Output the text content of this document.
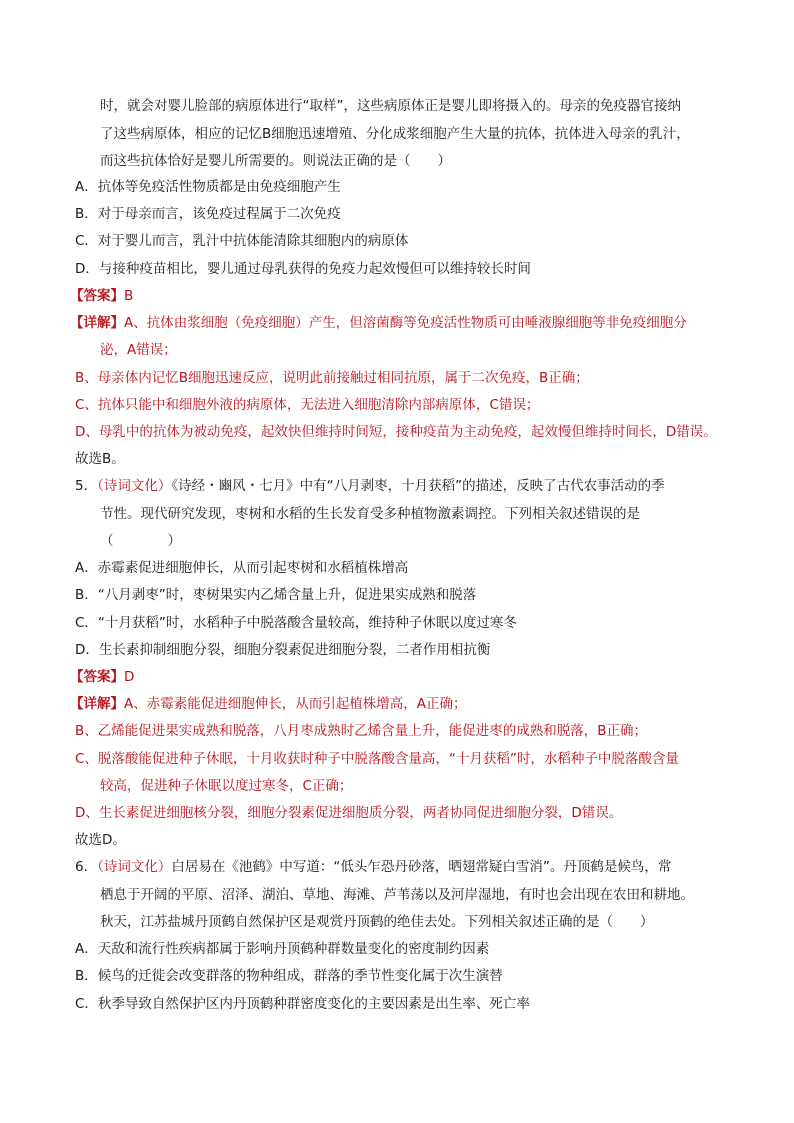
时，就会对婴儿脸部的病原体进行“取样”，这些病原体正是婴儿即将摄入的。母亲的免疫器官接纳
了这些病原体，相应的记忆B细胞迅速增殖、分化成浆细胞产生大量的抗体，抗体进入母亲的乳汁，
而这些抗体恰好是婴儿所需要的。则说法正确的是（　　）
A．抗体等免疫活性物质都是由免疫细胞产生
B．对于母亲而言，该免疫过程属于二次免疫
C．对于婴儿而言，乳汁中抗体能清除其细胞内的病原体
D．与接种疫苗相比，婴儿通过母乳获得的免疫力起效慢但可以维持较长时间
【答案】B
【详解】A、抗体由浆细胞（免疫细胞）产生，但溶菌酶等免疫活性物质可由唾液腺细胞等非免疫细胞分
泌，A错误；
B、母亲体内记忆B细胞迅速反应，说明此前接触过相同抗原，属于二次免疫，B正确；
C、抗体只能中和细胞外液的病原体，无法进入细胞清除内部病原体，C错误；
D、母乳中的抗体为被动免疫，起效快但维持时间短，接种疫苗为主动免疫，起效慢但维持时间长，D错误。
故选B。
5．（诗词文化）《诗经・豳风・七月》中有“八月剥枣，十月获稻”的描述，反映了古代农事活动的季
节性。现代研究发现，枣树和水稻的生长发育受多种植物激素调控。下列相关叙述错误的是
（　　　　）
A．赤霉素促进细胞伸长，从而引起枣树和水稻植株增高
B．“八月剥枣”时，枣树果实内乙烯含量上升，促进果实成熟和脱落
C．“十月获稻”时，水稻种子中脱落酸含量较高，维持种子休眠以度过寒冬
D．生长素抑制细胞分裂，细胞分裂素促进细胞分裂，二者作用相抗衡
【答案】D
【详解】A、赤霉素能促进细胞伸长，从而引起植株增高，A正确；
B、乙烯能促进果实成熟和脱落，八月枣成熟时乙烯含量上升，能促进枣的成熟和脱落，B正确；
C、脱落酸能促进种子休眠，十月收获时种子中脱落酸含量高，“十月获稻”时，水稻种子中脱落酸含量
较高，促进种子休眠以度过寒冬，C正确；
D、生长素促进细胞核分裂，细胞分裂素促进细胞质分裂，两者协同促进细胞分裂，D错误。
故选D。
6．（诗词文化）白居易在《池鹤》中写道：“低头乍恐丹砂落，晒翅常疑白雪消”。丹顶鹤是候鸟，常
栖息于开阔的平原、沼泽、湖泊、草地、海滩、芦苇荡以及河岸湿地，有时也会出现在农田和耕地。
秋天，江苏盐城丹顶鹤自然保护区是观赏丹顶鹤的绝佳去处。下列相关叙述正确的是（　　）
A．天敌和流行性疾病都属于影响丹顶鹤种群数量变化的密度制约因素
B．候鸟的迁徙会改变群落的物种组成，群落的季节性变化属于次生演替
C．秋季导致自然保护区内丹顶鹤种群密度变化的主要因素是出生率、死亡率
